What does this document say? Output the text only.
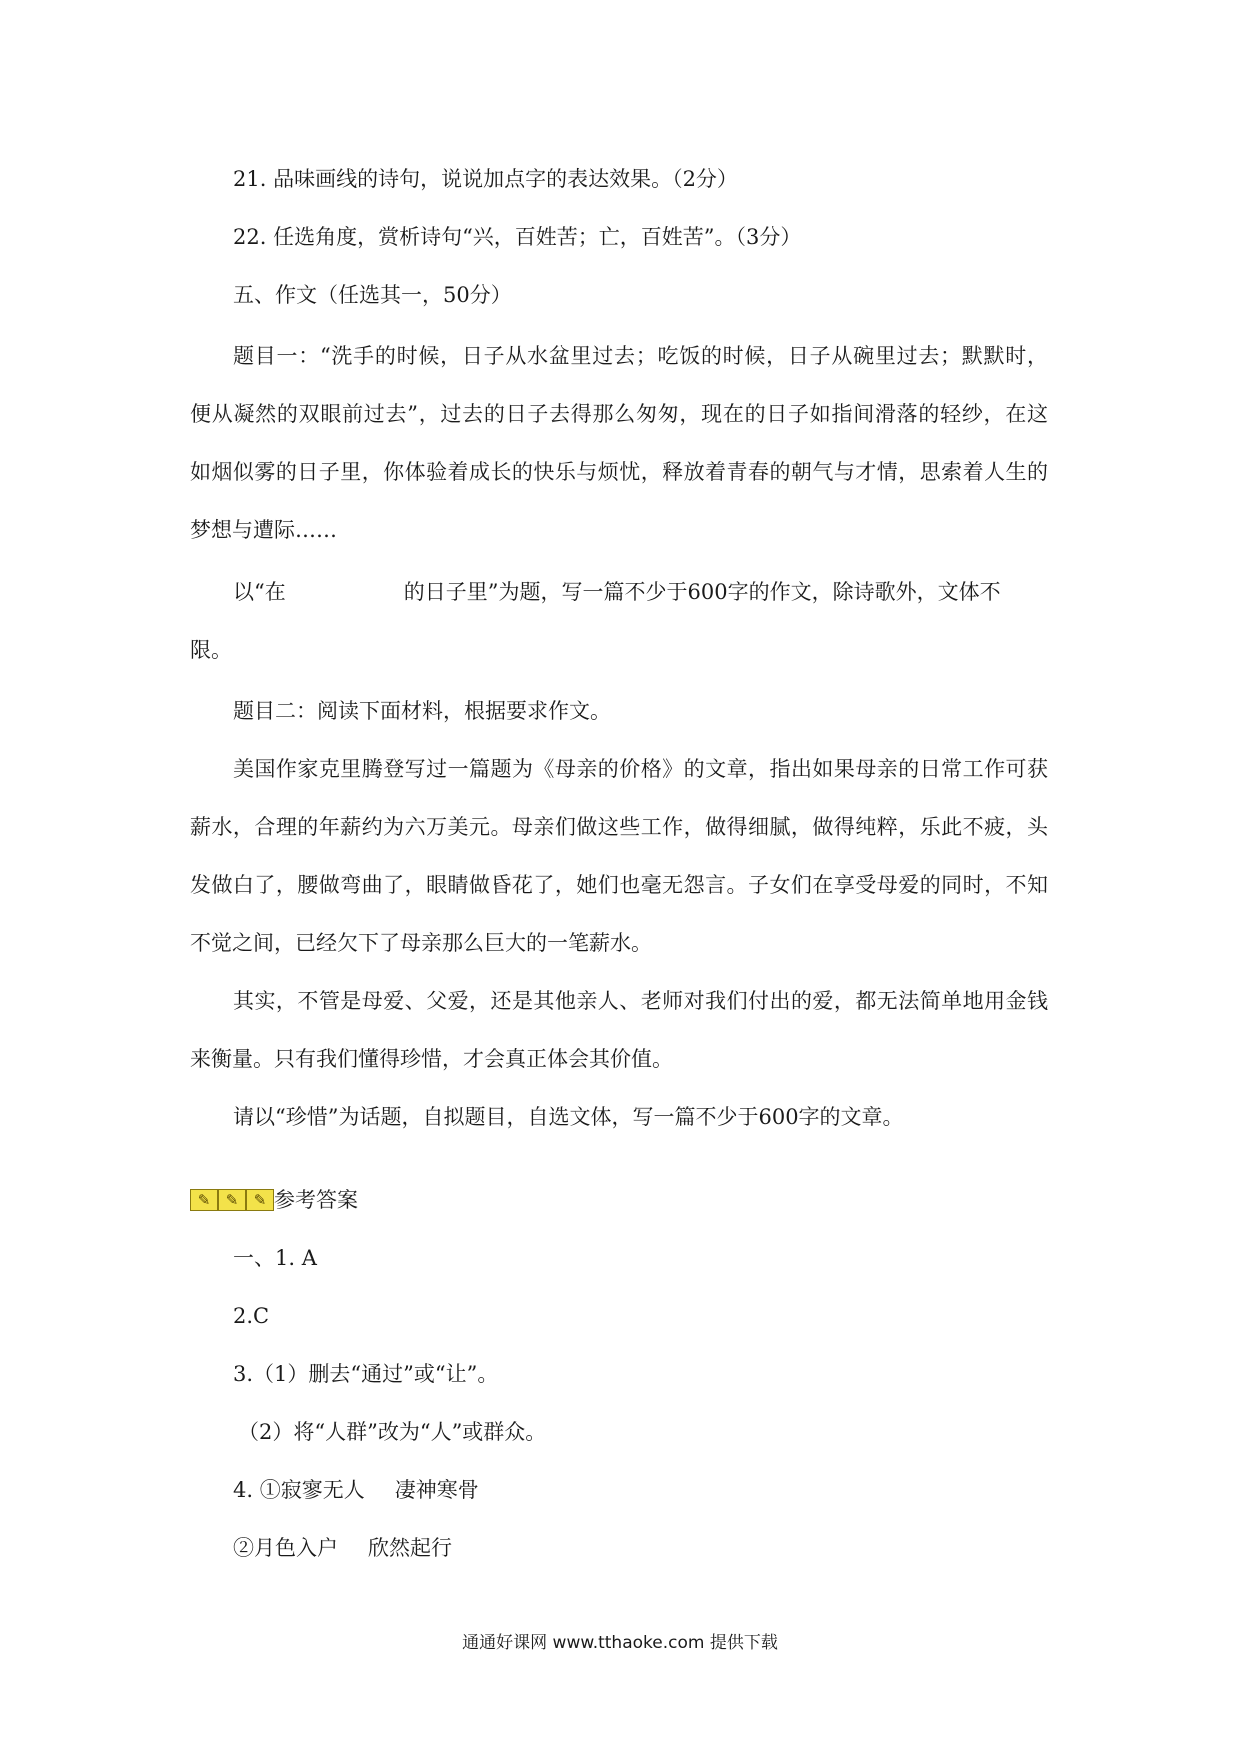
21. 品味画线的诗句，说说加点字的表达效果。（2分）
22. 任选角度，赏析诗句“兴，百姓苦；亡，百姓苦”。（3分）
五、作文（任选其一，50分）
题目一：“洗手的时候，日子从水盆里过去；吃饭的时候，日子从碗里过去；默默时，
便从凝然的双眼前过去”，过去的日子去得那么匆匆，现在的日子如指间滑落的轻纱，在这
如烟似雾的日子里，你体验着成长的快乐与烦忧，释放着青春的朝气与才情，思索着人生的
梦想与遭际……
以“在	的日子里”为题，写一篇不少于600字的作文，除诗歌外，文体不
限。
题目二：阅读下面材料，根据要求作文。
美国作家克里腾登写过一篇题为《母亲的价格》的文章，指出如果母亲的日常工作可获
薪水，合理的年薪约为六万美元。母亲们做这些工作，做得细腻，做得纯粹，乐此不疲，头
发做白了，腰做弯曲了，眼睛做昏花了，她们也毫无怨言。子女们在享受母爱的同时，不知
不觉之间，已经欠下了母亲那么巨大的一笔薪水。
其实，不管是母爱、父爱，还是其他亲人、老师对我们付出的爱，都无法简单地用金钱
来衡量。只有我们懂得珍惜，才会真正体会其价值。
请以“珍惜”为话题，自拟题目，自选文体，写一篇不少于600字的文章。
✎	✎	✎ 参考答案
一、1. A
2.C
3.（1）删去“通过”或“让”。
（2）将“人群”改为“人”或群众。
4. ①寂寥无人 凄神寒骨
②月色入户 欣然起行
通通好课网 www.tthaoke.com 提供下载
